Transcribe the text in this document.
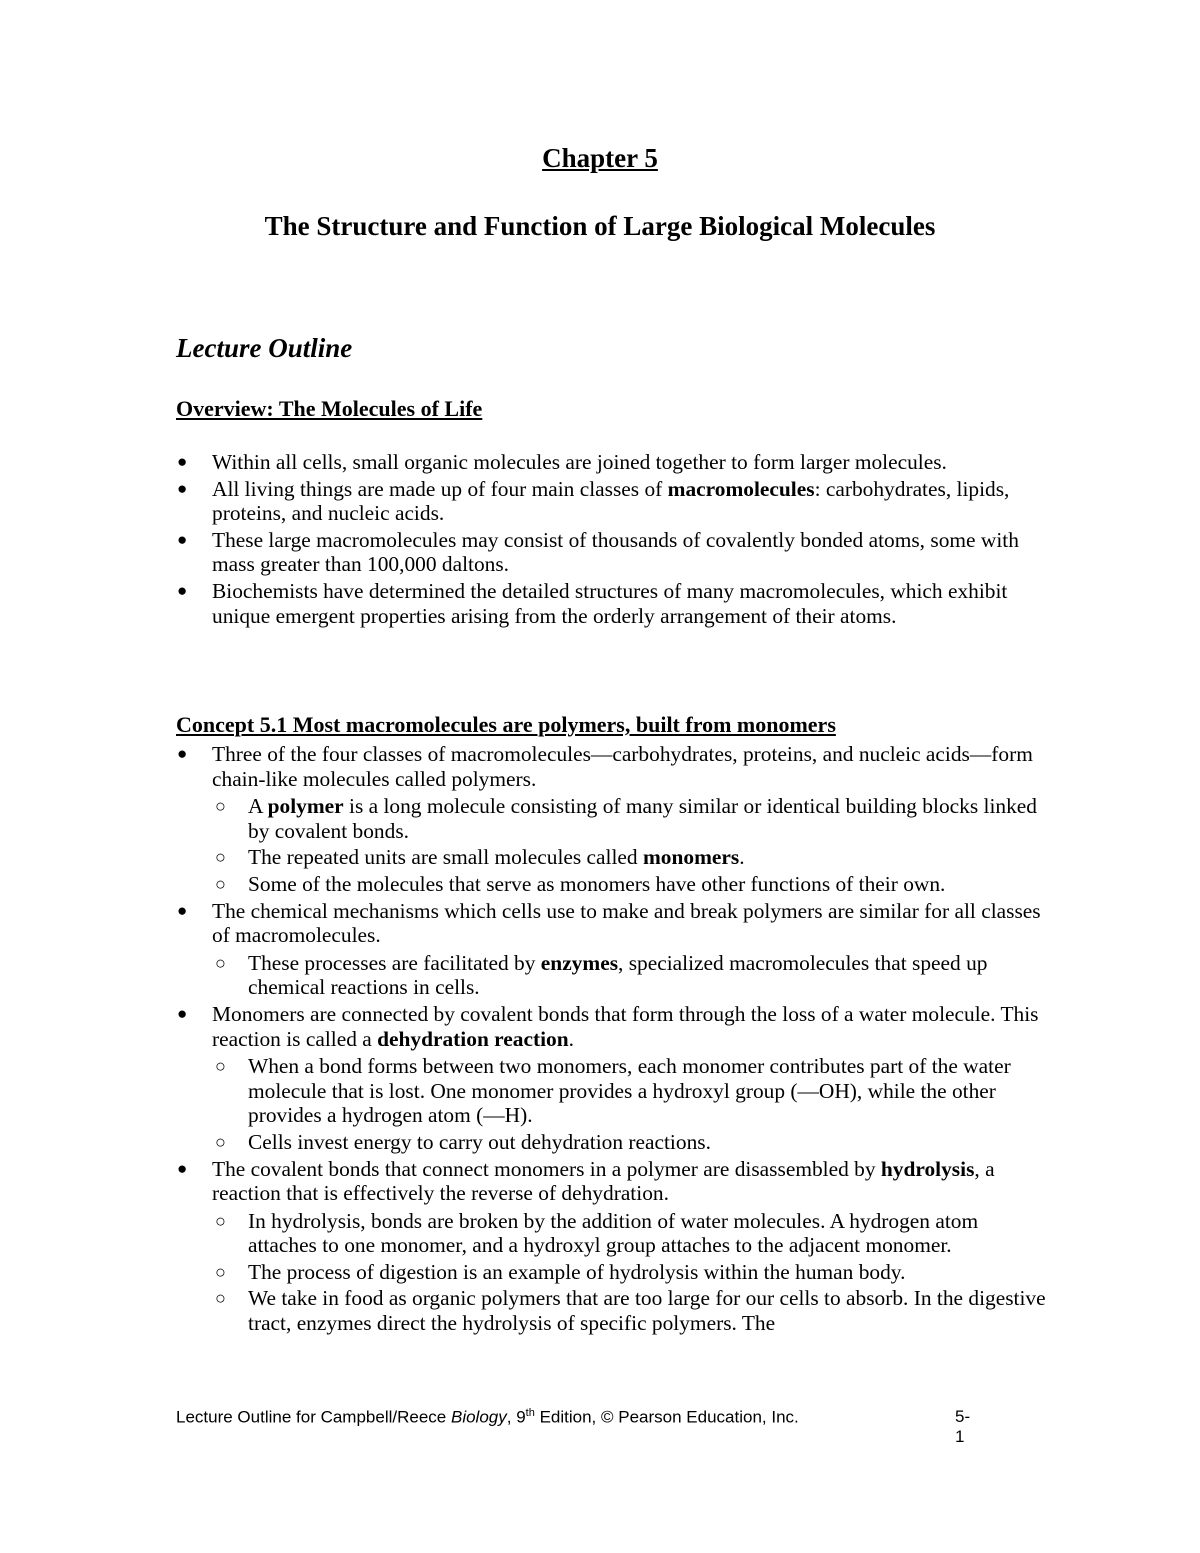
Chapter 5
The Structure and Function of Large Biological Molecules
Lecture Outline
Overview: The Molecules of Life
● Within all cells, small organic molecules are joined together to form larger molecules.
● All living things are made up of four main classes of macromolecules: carbohydrates, lipids, proteins, and nucleic acids.
● These large macromolecules may consist of thousands of covalently bonded atoms, some with mass greater than 100,000 daltons.
● Biochemists have determined the detailed structures of many macromolecules, which exhibit unique emergent properties arising from the orderly arrangement of their atoms.
Concept 5.1 Most macromolecules are polymers, built from monomers
● Three of the four classes of macromolecules—carbohydrates, proteins, and nucleic acids—form chain-like molecules called polymers.
○ A polymer is a long molecule consisting of many similar or identical building blocks linked by covalent bonds.
○ The repeated units are small molecules called monomers.
○ Some of the molecules that serve as monomers have other functions of their own.
● The chemical mechanisms which cells use to make and break polymers are similar for all classes of macromolecules.
○ These processes are facilitated by enzymes, specialized macromolecules that speed up chemical reactions in cells.
● Monomers are connected by covalent bonds that form through the loss of a water molecule. This reaction is called a dehydration reaction.
○ When a bond forms between two monomers, each monomer contributes part of the water molecule that is lost. One monomer provides a hydroxyl group (—OH), while the other provides a hydrogen atom (—H).
○ Cells invest energy to carry out dehydration reactions.
● The covalent bonds that connect monomers in a polymer are disassembled by hydrolysis, a reaction that is effectively the reverse of dehydration.
○ In hydrolysis, bonds are broken by the addition of water molecules. A hydrogen atom attaches to one monomer, and a hydroxyl group attaches to the adjacent monomer.
○ The process of digestion is an example of hydrolysis within the human body.
○ We take in food as organic polymers that are too large for our cells to absorb. In the digestive tract, enzymes direct the hydrolysis of specific polymers. The
Lecture Outline for Campbell/Reece Biology, 9th Edition, © Pearson Education, Inc.	5-1
